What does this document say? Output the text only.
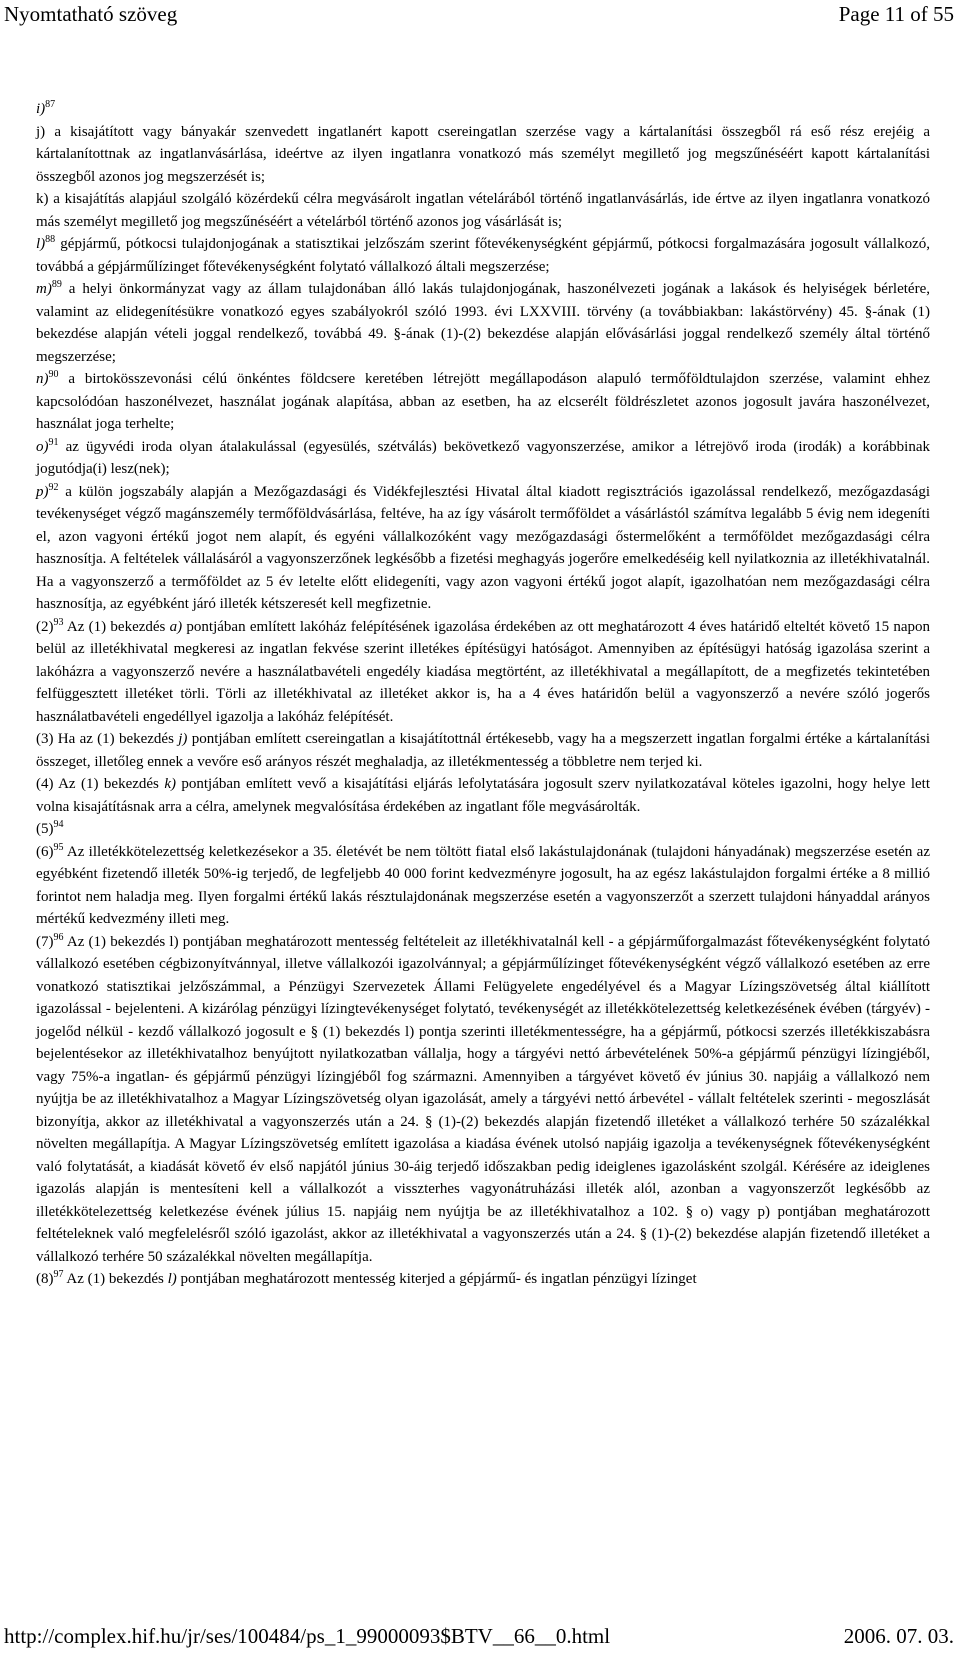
Nyomtatható szöveg	Page 11 of 55

i)$^{87}$

j) a kisajátított vagy bányakár szenvedett ingatlanért kapott csereingatlan szerzése vagy a kártalanítási összegből rá eső rész erejéig a kártalanítottnak az ingatlanvásárlása, ideértve az ilyen ingatlanra vonatkozó más személyt megillető jog megszűnéséért kapott kártalanítási összegből azonos jog megszerzését is;

k) a kisajátítás alapjául szolgáló közérdekű célra megvásárolt ingatlan vételárából történő ingatlanvásárlás, ide értve az ilyen ingatlanra vonatkozó más személyt megillető jog megszűnéséért a vételárból történő azonos jog vásárlását is;

l)$^{88}$ gépjármű, pótkocsi tulajdonjogának a statisztikai jelzőszám szerint főtevékenységként gépjármű, pótkocsi forgalmazására jogosult vállalkozó, továbbá a gépjárműlízinget főtevékenységként folytató vállalkozó általi megszerzése;

m)$^{89}$ a helyi önkormányzat vagy az állam tulajdonában álló lakás tulajdonjogának, haszonélvezeti jogának a lakások és helyiségek bérletére, valamint az elidegenítésükre vonatkozó egyes szabályokról szóló 1993. évi LXXVIII. törvény (a továbbiakban: lakástörvény) 45. §-ának (1) bekezdése alapján vételi joggal rendelkező, továbbá 49. §-ának (1)-(2) bekezdése alapján elővásárlási joggal rendelkező személy által történő megszerzése;

n)$^{90}$ a birtokösszevonási célú önkéntes földcsere keretében létrejött megállapodáson alapuló termőföldtulajdon szerzése, valamint ehhez kapcsolódóan haszonélvezet, használat jogának alapítása, abban az esetben, ha az elcserélt földrészletet azonos jogosult javára haszonélvezet, használat joga terhelte;

o)$^{91}$ az ügyvédi iroda olyan átalakulással (egyesülés, szétválás) bekövetkező vagyonszerzése, amikor a létrejövő iroda (irodák) a korábbinak jogutódja(i) lesz(nek);

p)$^{92}$ a külön jogszabály alapján a Mezőgazdasági és Vidékfejlesztési Hivatal által kiadott regisztrációs igazolással rendelkező, mezőgazdasági tevékenységet végző magánszemély termőföldvásárlása, feltéve, ha az így vásárolt termőföldet a vásárlástól számítva legalább 5 évig nem idegeníti el, azon vagyoni értékű jogot nem alapít, és egyéni vállalkozóként vagy mezőgazdasági őstermelőként a termőföldet mezőgazdasági célra hasznosítja. A feltételek vállalásáról a vagyonszerzőnek legkésőbb a fizetési meghagyás jogerőre emelkedéséig kell nyilatkoznia az illetékhivatalnál. Ha a vagyonszerző a termőföldet az 5 év letelte előtt elidegeníti, vagy azon vagyoni értékű jogot alapít, igazolhatóan nem mezőgazdasági célra hasznosítja, az egyébként járó illeték kétszeresét kell megfizetnie.

$(2)^{93}$ Az (1) bekezdés a) pontjában említett lakóház felépítésének igazolása érdekében az ott meghatározott 4 éves határidő elteltét követő 15 napon belül az illetékhivatal megkeresi az ingatlan fekvése szerint illetékes építésügyi hatóságot. Amennyiben az építésügyi hatóság igazolása szerint a lakóházra a vagyonszerző nevére a használatbavételi engedély kiadása megtörtént, az illetékhivatal a megállapított, de a megfizetés tekintetében felfüggesztett illetéket törli. Törli az illetékhivatal az illetéket akkor is, ha a 4 éves határidőn belül a vagyonszerző a nevére szóló jogerős használatbavételi engedéllyel igazolja a lakóház felépítését.

(3) Ha az (1) bekezdés j) pontjában említett csereingatlan a kisajátítottnál értékesebb, vagy ha a megszerzett ingatlan forgalmi értéke a kártalanítási összeget, illetőleg ennek a vevőre eső arányos részét meghaladja, az illetékmentesség a többletre nem terjed ki.

(4) Az (1) bekezdés k) pontjában említett vevő a kisajátítási eljárás lefolytatására jogosult szerv nyilatkozatával köteles igazolni, hogy helye lett volna kisajátításnak arra a célra, amelynek megvalósítása érdekében az ingatlant főle megvásárolták.

$(5)^{94}$

$(6)^{95}$ Az illetékkötelezettség keletkezésekor a 35. életévét be nem töltött fiatal első lakástulajdonának (tulajdoni hányadának) megszerzése esetén az egyébként fizetendő illeték 50%-ig terjedő, de legfeljebb 40 000 forint kedvezményre jogosult, ha az egész lakástulajdon forgalmi értéke a 8 millió forintot nem haladja meg. Ilyen forgalmi értékű lakás résztulajdonának megszerzése esetén a vagyonszerzőt a szerzett tulajdoni hányaddal arányos mértékű kedvezmény illeti meg.

$(7)^{96}$ Az (1) bekezdés l) pontjában meghatározott mentesség feltételeit az illetékhivatalnál kell - a gépjárműforgalmazást főtevékenységként folytató vállalkozó esetében cégbizonyítvánnyal, illetve vállalkozói igazolvánnyal; a gépjárműlízinget főtevékenységként végző vállalkozó esetében az erre vonatkozó statisztikai jelzőszámmal, a Pénzügyi Szervezetek Állami Felügyelete engedélyével és a Magyar Lízingszövetség által kiállított igazolással - bejelenteni. A kizárólag pénzügyi lízingtevékenységet folytató, tevékenységét az illetékkötelezettség keletkezésének évében (tárgyév) - jogelőd nélkül - kezdő vállalkozó jogosult e § (1) bekezdés l) pontja szerinti illetékmentességre, ha a gépjármű, pótkocsi szerzés illetékkiszabásra bejelentésekor az illetékhivatalhoz benyújtott nyilatkozatban vállalja, hogy a tárgyévi nettó árbevételének 50%-a gépjármű pénzügyi lízingjéből, vagy 75%-a ingatlan- és gépjármű pénzügyi lízingjéből fog származni. Amennyiben a tárgyévet követő év június 30. napjáig a vállalkozó nem nyújtja be az illetékhivatalhoz a Magyar Lízingszövetség olyan igazolását, amely a tárgyévi nettó árbevétel - vállalt feltételek szerinti - megoszlását bizonyítja, akkor az illetékhivatal a vagyonszerzés után a 24. § (1)-(2) bekezdés alapján fizetendő illetéket a vállalkozó terhére 50 százalékkal növelten megállapítja. A Magyar Lízingszövetség említett igazolása a kiadása évének utolsó napjáig igazolja a tevékenységnek főtevékenységként való folytatását, a kiadását követő év első napjától június 30-áig terjedő időszakban pedig ideiglenes igazolásként szolgál. Kérésére az ideiglenes igazolás alapján is mentesíteni kell a vállalkozót a visszterhes vagyonátruházási illeték alól, azonban a vagyonszerzőt legkésőbb az illetékkötelezettség keletkezése évének július 15. napjáig nem nyújtja be az illetékhivatalhoz a 102. § o) vagy p) pontjában meghatározott feltételeknek való megfelelésről szóló igazolást, akkor az illetékhivatal a vagyonszerzés után a 24. § (1)-(2) bekezdése alapján fizetendő illetéket a vállalkozó terhére 50 százalékkal növelten megállapítja.

$(8)^{97}$ Az (1) bekezdés l) pontjában meghatározott mentesség kiterjed a gépjármű- és ingatlan pénzügyi lízinget

http://complex.hif.hu/jr/ses/100484/ps_1_99000093$BTV__66__0.html	2006. 07. 03.
